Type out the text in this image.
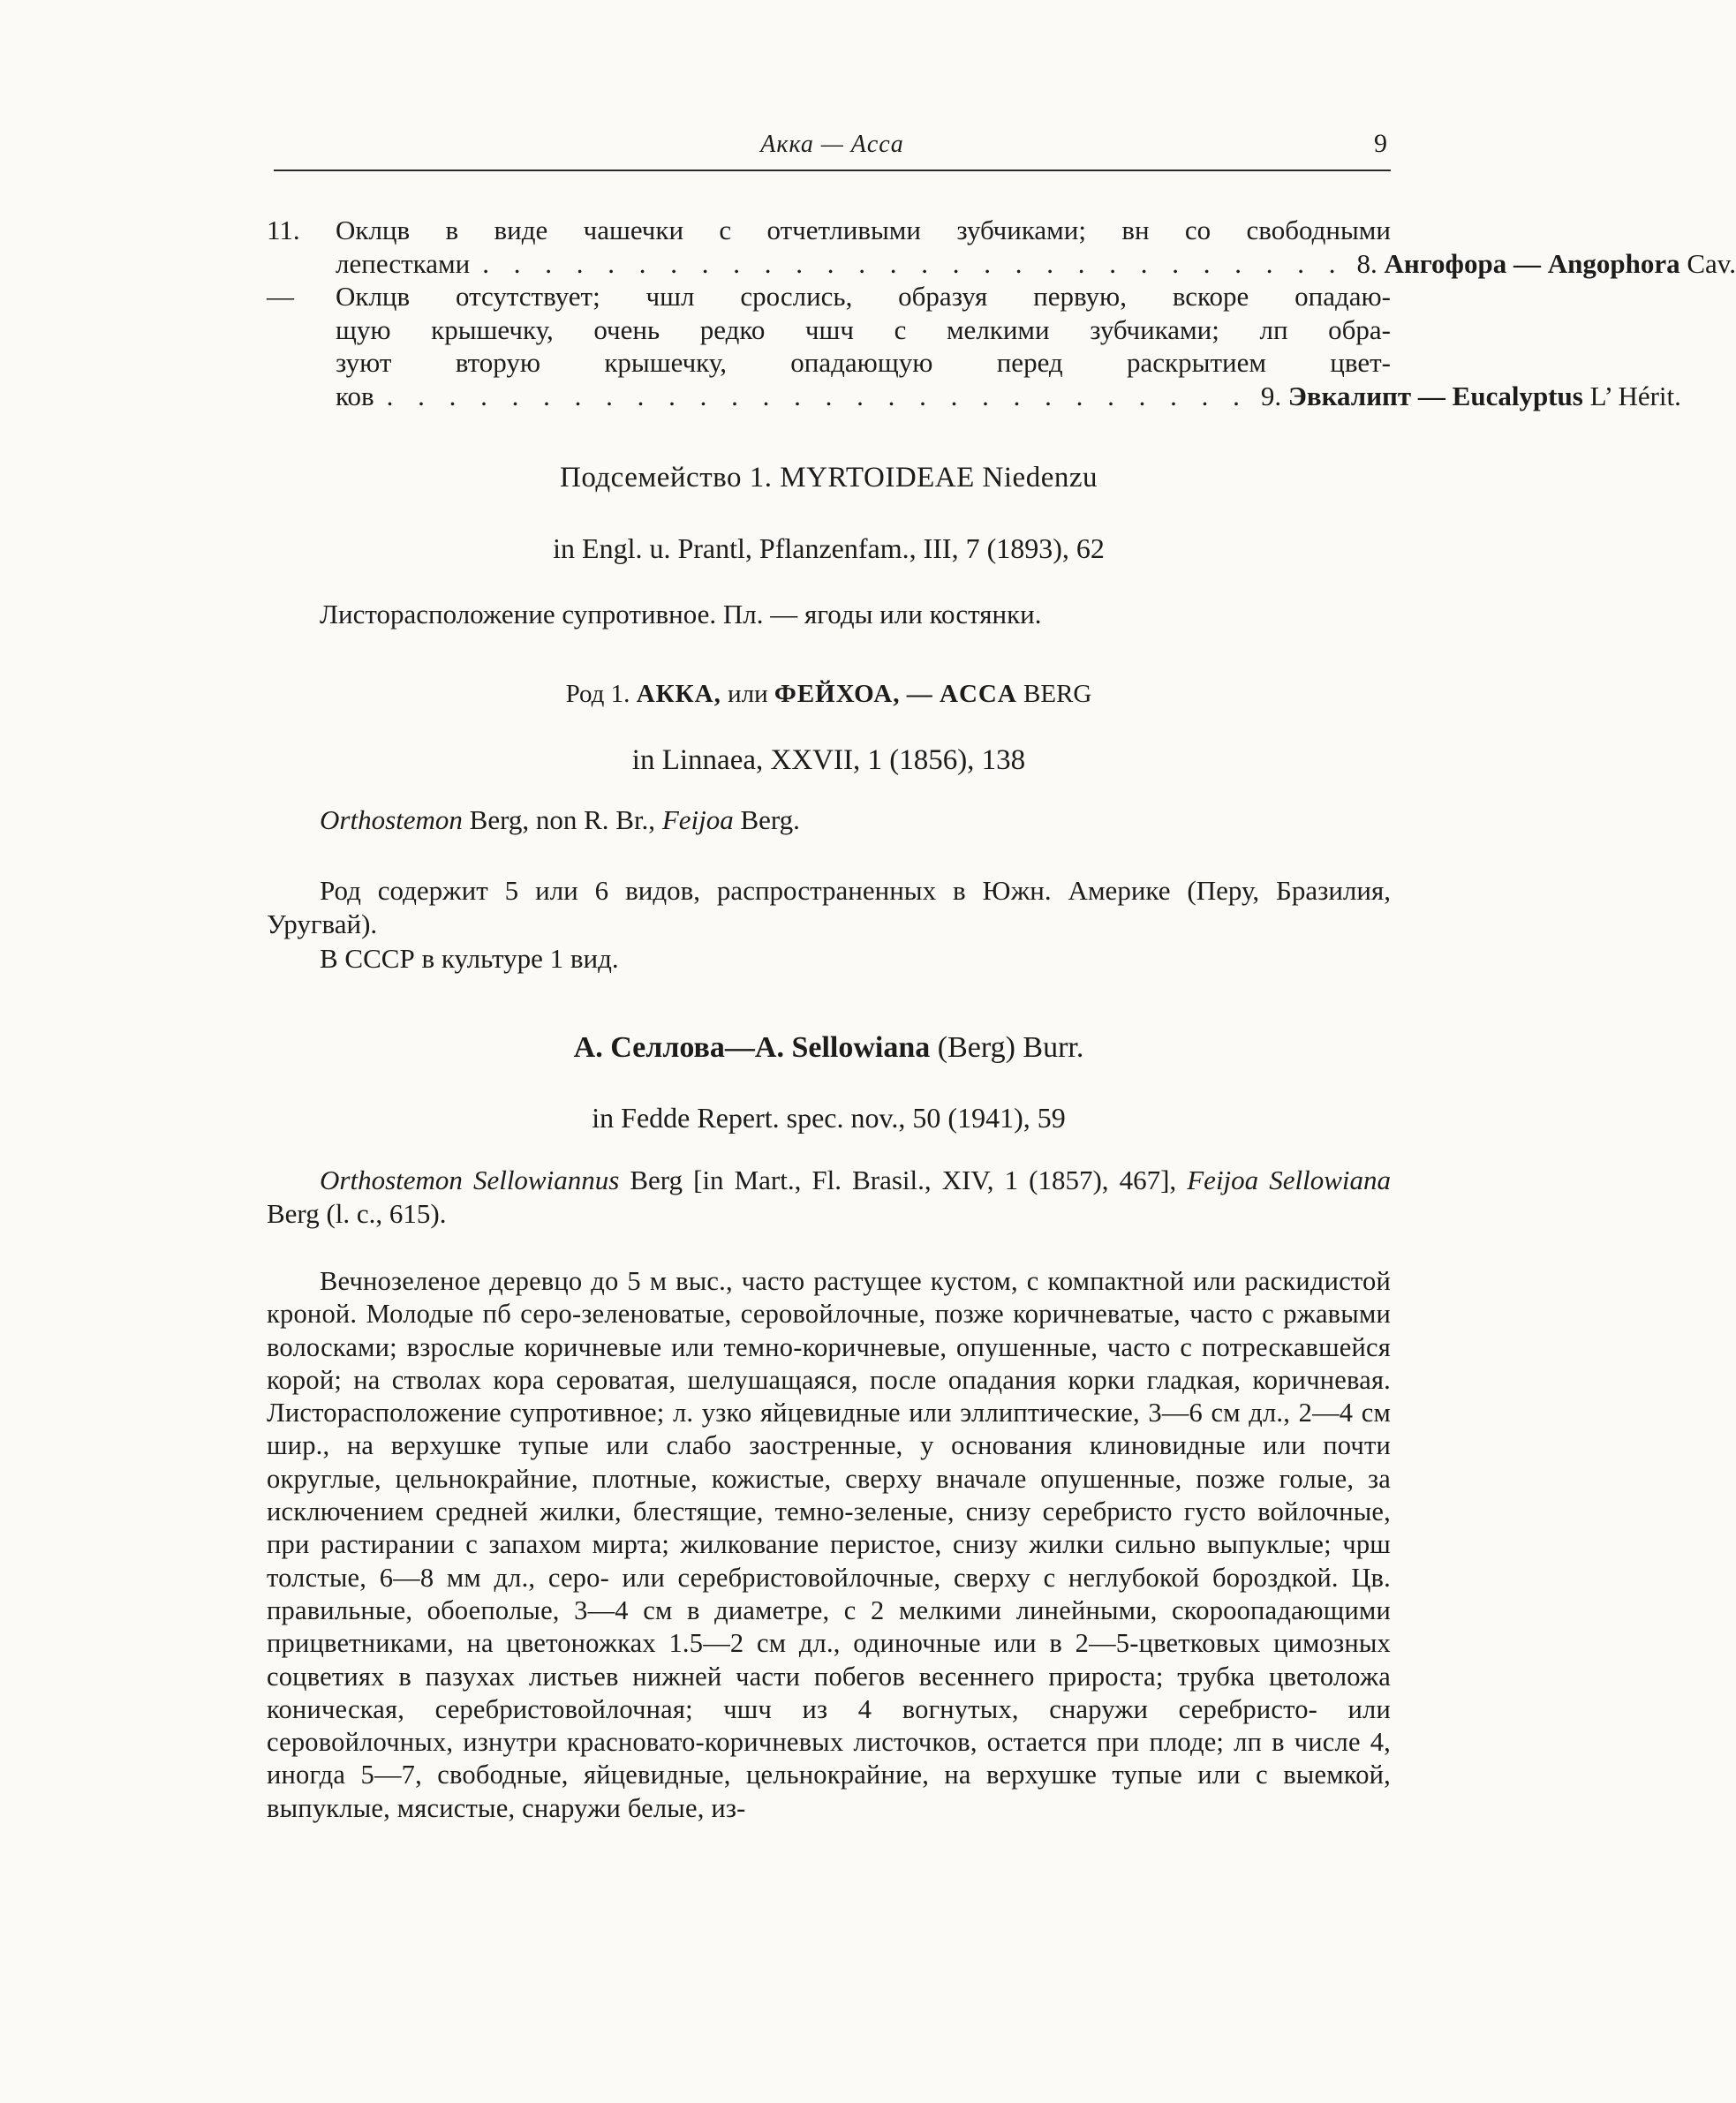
Акка — Acca	9
11. Оклцв в виде чашечки с отчетливыми зубчиками; вн со свободными
лепестками . . . . . . . . . . . . . . . . . . . . . . . . . . . . 8. Ангофора — Angophora Cav.
— Оклцв отсутствует; чшл срослись, образуя первую, вскоре опадаю-
щую крышечку, очень редко чшч с мелкими зубчиками; лп обра-
зуют вторую крышечку, опадающую перед раскрытием цвет-
ков . . . . . . . . . . . . . . . . . . . . . . . . . . . . 9. Эвкалипт — Eucalyptus L’ Hérit.
Подсемейство 1. MYRTOIDEAE Niedenzu
in Engl. u. Prantl, Pflanzenfam., III, 7 (1893), 62
Листорасположение супротивное. Пл. — ягоды или костянки.
Род 1. АККА, или ФЕЙХОА, — ACCA BERG
in Linnaea, XXVII, 1 (1856), 138
Orthostemon Berg, non R. Br., Feijoa Berg.
Род содержит 5 или 6 видов, распространенных в Южн. Америке (Перу, Бразилия, Уругвай).
В СССР в культуре 1 вид.
А. Селлова—A. Sellowiana (Berg) Burr.
in Fedde Repert. spec. nov., 50 (1941), 59
Orthostemon Sellowiannus Berg [in Mart., Fl. Brasil., XIV, 1 (1857), 467], Feijoa Sellowiana Berg (l. c., 615).
Вечнозеленое деревцо до 5 м выс., часто растущее кустом, с компактной или раскидистой кроной. Молодые пб серо-зеленоватые, серовойлочные, позже коричневатые, часто с ржавыми волосками; взрослые коричневые или темно-коричневые, опушенные, часто с потрескавшейся корой; на стволах кора сероватая, шелушащаяся, после опадания корки гладкая, коричневая. Листорасположение супротивное; л. узко яйцевидные или эллиптические, 3—6 см дл., 2—4 см шир., на верхушке тупые или слабо заостренные, у основания клиновидные или почти округлые, цельнокрайние, плотные, кожистые, сверху вначале опушенные, позже голые, за исключением средней жилки, блестящие, темно-зеленые, снизу серебристо густо войлочные, при растирании с запахом мирта; жилкование перистое, снизу жилки сильно выпуклые; чрш толстые, 6—8 мм дл., серо- или серебристовойлочные, сверху с неглубокой бороздкой. Цв. правильные, обоеполые, 3—4 см в диаметре, с 2 мелкими линейными, скороопадающими прицветниками, на цветоножках 1.5—2 см дл., одиночные или в 2—5-цветковых цимозных соцветиях в пазухах листьев нижней части побегов весеннего прироста; трубка цветоложа коническая, серебристовойлочная; чшч из 4 вогнутых, снаружи серебристо- или серовойлочных, изнутри красновато-коричневых листочков, остается при плоде; лп в числе 4, иногда 5—7, свободные, яйцевидные, цельнокрайние, на верхушке тупые или с выемкой, выпуклые, мясистые, снаружи белые, из-
